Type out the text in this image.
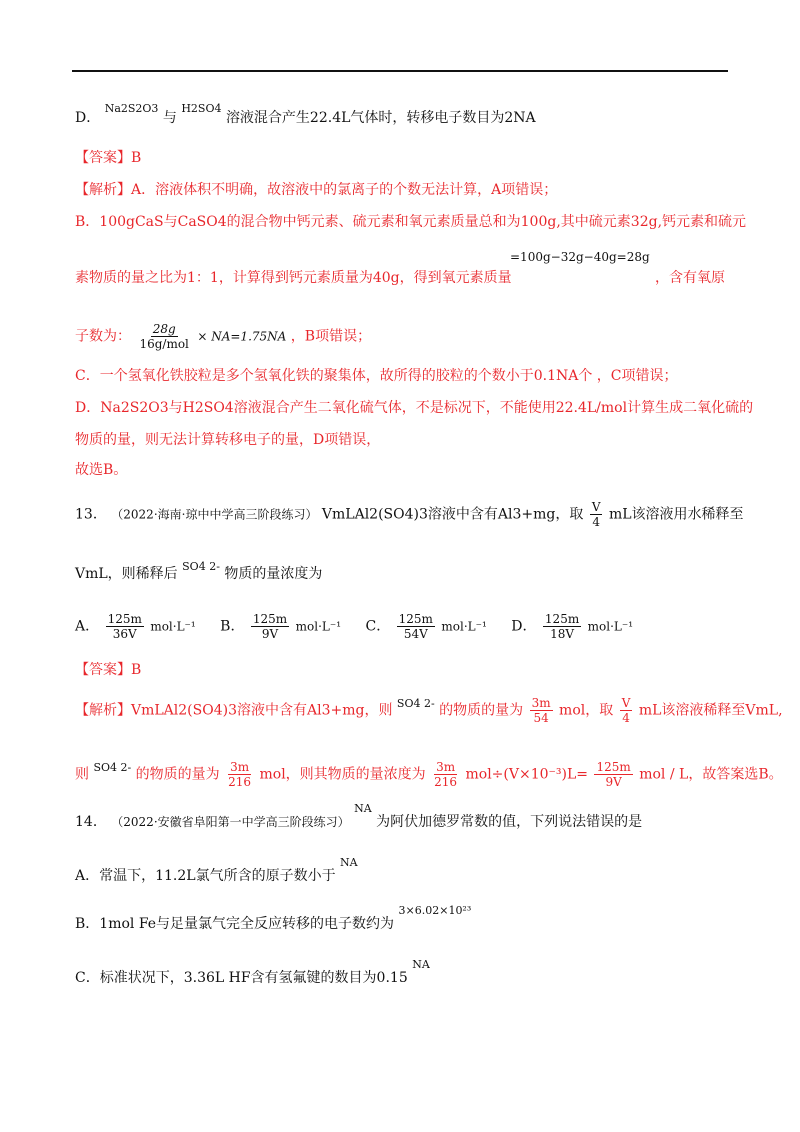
D． $^{Na2S2O3}$ 与 $^{H2SO4}$ 溶液混合产生22.4L气体时，转移电子数目为2NA
【答案】B
【解析】A．溶液体积不明确，故溶液中的氯离子的个数无法计算，A项错误；
B．100gCaS与CaSO4的混合物中钙元素、硫元素和氧元素质量总和为100g,其中硫元素32g,钙元素和硫元
素物质的量之比为1：1，计算得到钙元素质量为40g，得到氧元素质量
=100g−32g−40g=28g
，含有氧原
子数为： $\frac{28g}{\text{16g/mol}} \times NA=1.75NA$ ，B项错误；
C．一个氢氧化铁胶粒是多个氢氧化铁的聚集体，故所得的胶粒的个数小于0.1NA个 ，C项错误；
D．Na2S2O3与H2SO4溶液混合产生二氧化硫气体，不是标况下，不能使用22.4L/mol计算生成二氧化硫的
物质的量，则无法计算转移电子的量，D项错误，
故选B。
13． （2022·海南·琼中中学高三阶段练习） VmLAl2(SO4)3溶液中含有Al3+mg，取 $\frac{V}{4}$ mL该溶液用水稀释至
VmL，则稀释后 $^{SO4 2-}$ 物质的量浓度为
A． $\frac{125m}{36V} mol\cdot L^{-1}$ B． $\frac{125m}{9V} mol\cdot L^{-1}$ C． $\frac{125m}{54V} mol\cdot L^{-1}$ D． $\frac{125m}{18V} mol\cdot L^{-1}$
【答案】B
【解析】VmLAl2(SO4)3溶液中含有Al3+mg，则 $^{SO4 2-}$ 的物质的量为 $\frac{3m}{54}$ mol，取 $\frac{V}{4}$ mL该溶液稀释至VmL,
则 $^{SO4 2-}$ 的物质的量为 $\frac{3m}{216}$ mol，则其物质的量浓度为 $\frac{3m}{216} mol\div(V\times 10^{-3})L= \frac{125m}{9V}$ mol / L，故答案选B。
14． （2022·安徽省阜阳第一中学高三阶段练习） $^{NA}$ 为阿伏加德罗常数的值，下列说法错误的是
A．常温下，11.2L氯气所含的原子数小于 $^{NA}$
B．1mol Fe与足量氯气完全反应转移的电子数约为 $^{3\times 6.02\times 10^{23}}$
C．标准状况下，3.36L HF含有氢氟键的数目为0.15 $^{NA}$
